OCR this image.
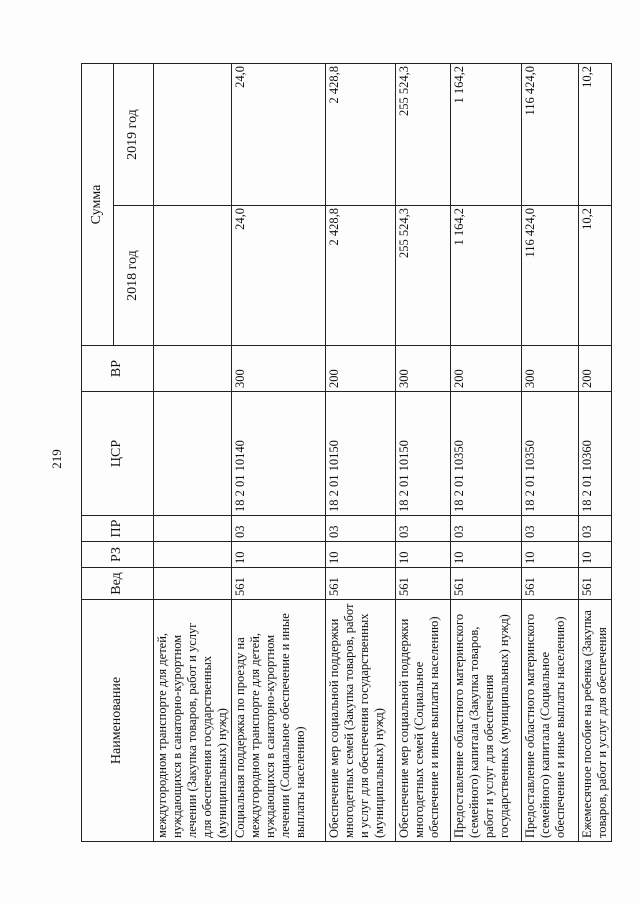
219
Наименование	Вед	РЗ	ПР	ЦСР	ВР	Сумма	
						2018 год	2019 год
междугородном транспорте для детей, нуждающихся в санаторно-курортном лечении (Закупка товаров, работ и услуг для обеспечения государственных (муниципальных) нужд)							
Социальная поддержка по проезду на междугородном транспорте для детей, нуждающихся в санаторно-курортном лечении (Социальное обеспечение и иные выплаты населению)	561	10	03	18 2 01 10140	300	24,0	24,0
Обеспечение мер социальной поддержки многодетных семей (Закупка товаров, работ и услуг для обеспечения государственных (муниципальных) нужд)	561	10	03	18 2 01 10150	200	2 428,8	2 428,8
Обеспечение мер социальной поддержки многодетных семей (Социальное обеспечение и иные выплаты населению)	561	10	03	18 2 01 10150	300	255 524,3	255 524,3
Предоставление областного материнского (семейного) капитала (Закупка товаров, работ и услуг для обеспечения государственных (муниципальных) нужд)	561	10	03	18 2 01 10350	200	1 164,2	1 164,2
Предоставление областного материнского (семейного) капитала (Социальное обеспечение и иные выплаты населению)	561	10	03	18 2 01 10350	300	116 424,0	116 424,0
Ежемесячное пособие на ребенка (Закупка товаров, работ и услуг для обеспечения	561	10	03	18 2 01 10360	200	10,2	10,2
